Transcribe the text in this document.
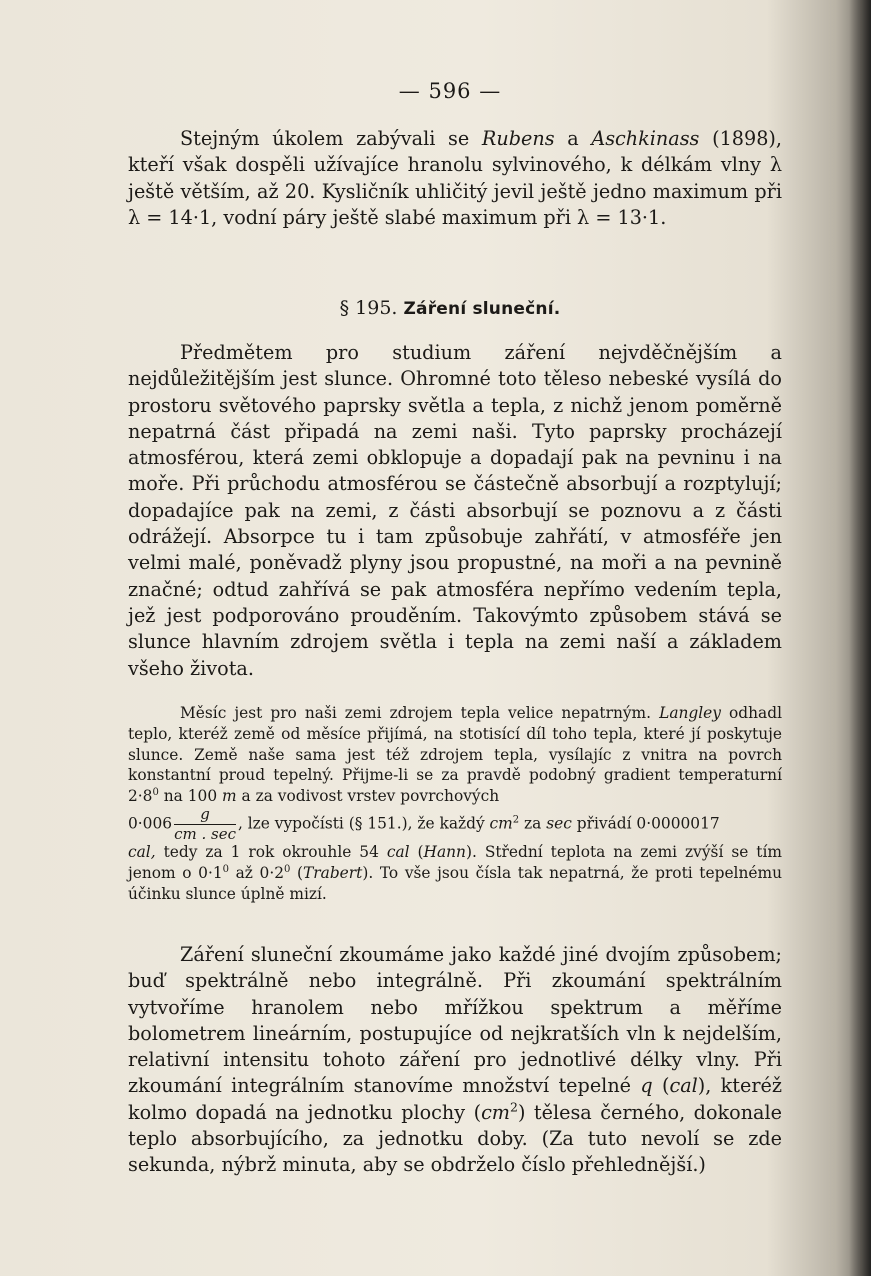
— 596 —

Stejným úkolem zabývali se Rubens a Aschkinass (1898), kteří však dospěli užívajíce hranolu sylvinového, k délkám vlny λ ještě větším, až 20. Kysličník uhličitý jevil ještě jedno maximum při λ = 14·1, vodní páry ještě slabé maximum při λ = 13·1.

§ 195. Záření sluneční.

Předmětem pro studium záření nejvděčnějším a nejdůležitějším jest slunce. Ohromné toto těleso nebeské vysílá do prostoru světového paprsky světla a tepla, z nichž jenom poměrně nepatrná část připadá na zemi naši. Tyto paprsky procházejí atmosférou, která zemi obklopuje a dopadají pak na pevninu i na moře. Při průchodu atmosférou se částečně absorbují a rozptylují; dopadajíce pak na zemi, z části absorbují se poznovu a z části odrážejí. Absorpce tu i tam způsobuje zahřátí, v atmosféře jen velmi malé, poněvadž plyny jsou propustné, na moři a na pevnině značné; odtud zahřívá se pak atmosféra nepřímo vedením tepla, jež jest podporováno prouděním. Takovýmto způsobem stává se slunce hlavním zdrojem světla i tepla na zemi naší a základem všeho života.

Měsíc jest pro naši zemi zdrojem tepla velice nepatrným. Langley odhadl teplo, kteréž země od měsíce přijímá, na stotisící díl toho tepla, které jí poskytuje slunce. Země naše sama jest též zdrojem tepla, vysílajíc z vnitra na povrch konstantní proud tepelný. Přijme-li se za pravdě podobný gradient temperaturní $2\cdot 8^0$ na 100 m a za vodivost vrstev povrchových

$0\cdot 006 \frac{g}{cm . \sec}$ , lze vypočísti (§ 151.), že každý $cm^2$ za sec přivádí 0·0000017

cal, tedy za 1 rok okrouhle 54 cal (Hann). Střední teplota na zemi zvýší se tím jenom o $0\cdot 1^0$ až $0\cdot 2^0$ (Trabert). To vše jsou čísla tak nepatrná, že proti tepelnému účinku slunce úplně mizí.

Záření sluneční zkoumáme jako každé jiné dvojím způsobem; buď spektrálně nebo integrálně. Při zkoumání spektrálním vytvoříme hranolem nebo mřížkou spektrum a měříme bolometrem lineárním, postupujíce od nejkratších vln k nejdelším, relativní intensitu tohoto záření pro jednotlivé délky vlny. Při zkoumání integrálním stanovíme množství tepelné q (cal), kteréž kolmo dopadá na jednotku plochy $(cm^2)$ tělesa černého, dokonale teplo absorbujícího, za jednotku doby. (Za tuto nevolí se zde sekunda, nýbrž minuta, aby se obdrželo číslo přehlednější.)
